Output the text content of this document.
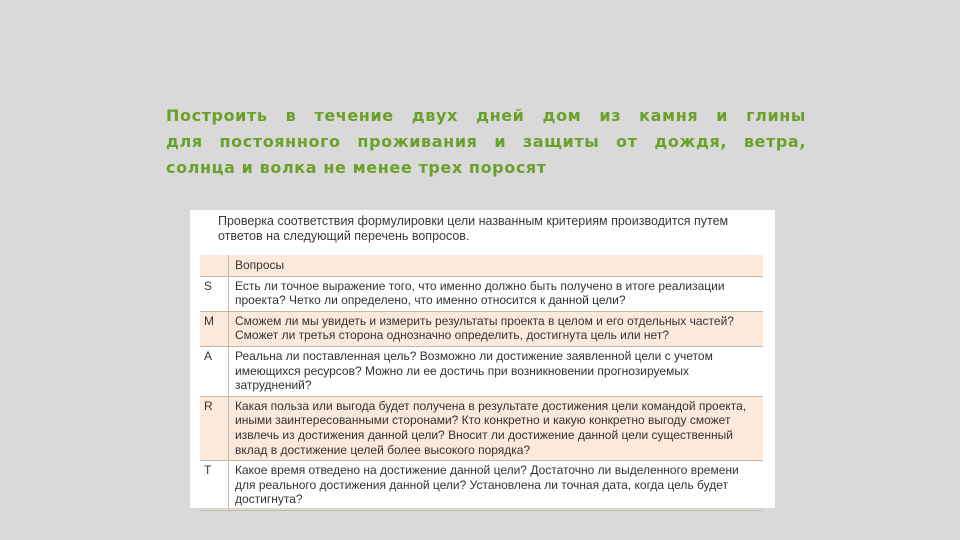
Построить в течение двух дней дом из камня и глины
для постоянного проживания и защиты от дождя, ветра,
солнца и волка не менее трех поросят

Проверка соответствия формулировки цели названным критериям производится путем ответов на следующий перечень вопросов.

	Вопросы
S	Есть ли точное выражение того, что именно должно быть получено в итоге реализации проекта? Четко ли определено, что именно относится к данной цели?
M	Сможем ли мы увидеть и измерить результаты проекта в целом и его отдельных частей? Сможет ли третья сторона однозначно определить, достигнута цель или нет?
A	Реальна ли поставленная цель? Возможно ли достижение заявленной цели с учетом имеющихся ресурсов? Можно ли ее достичь при возникновении прогнозируемых затруднений?
R	Какая польза или выгода будет получена в результате достижения цели командой проекта, иными заинтересованными сторонами? Кто конкретно и какую конкретно выгоду сможет извлечь из достижения данной цели? Вносит ли достижение данной цели существенный вклад в достижение целей более высокого порядка?
T	Какое время отведено на достижение данной цели? Достаточно ли выделенного времени для реального достижения данной цели? Установлена ли точная дата, когда цель будет достигнута?
